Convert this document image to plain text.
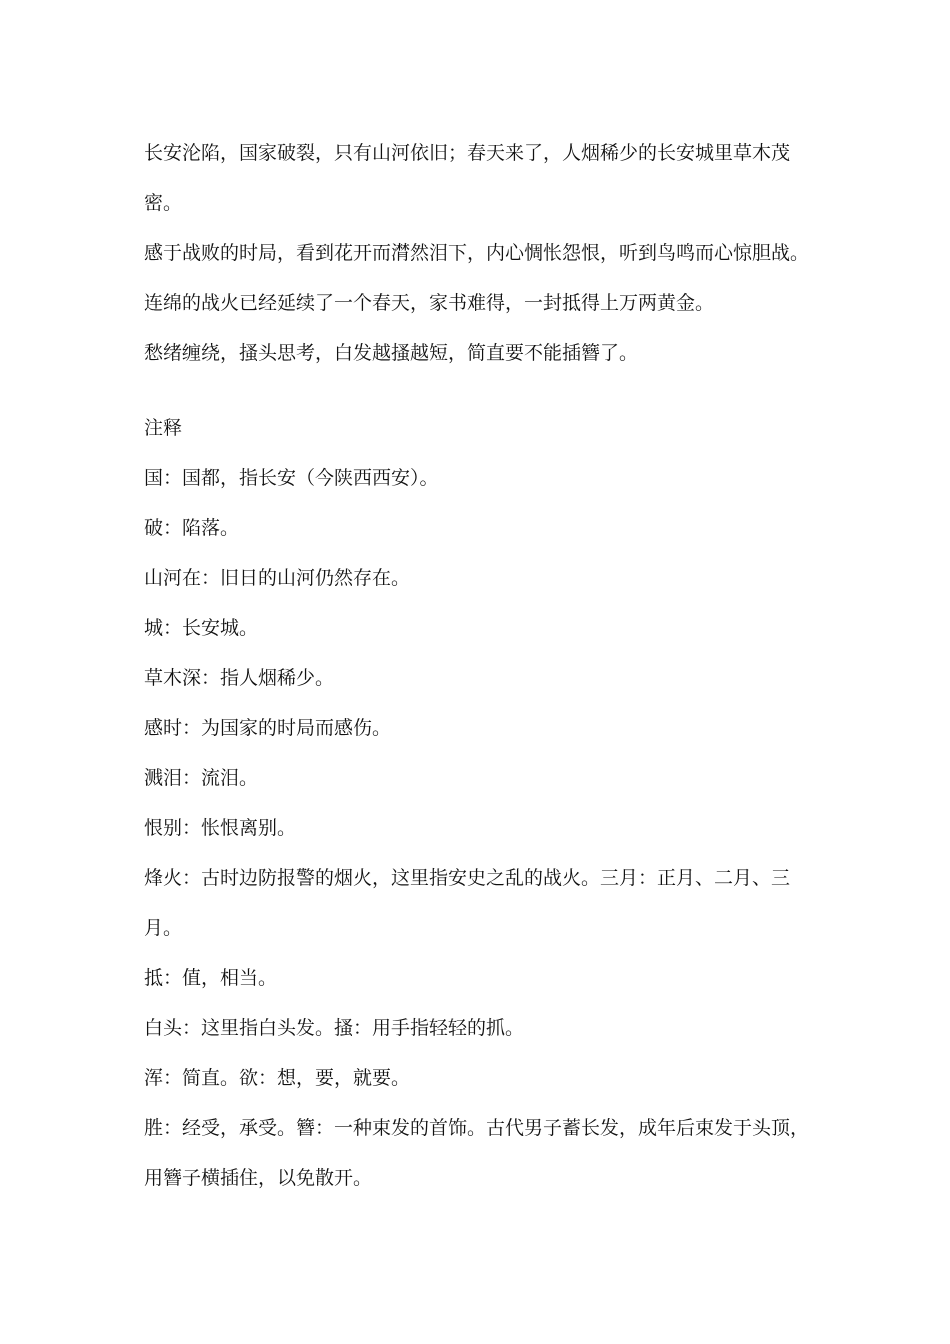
长安沦陷，国家破裂，只有山河依旧；春天来了，人烟稀少的长安城里草木茂

密。

感于战败的时局，看到花开而潸然泪下，内心惆怅怨恨，听到鸟鸣而心惊胆战。

连绵的战火已经延续了一个春天，家书难得，一封抵得上万两黄金。

愁绪缠绕，搔头思考，白发越搔越短，简直要不能插簪了。

注释

国：国都，指长安（今陕西西安）。

破：陷落。

山河在：旧日的山河仍然存在。

城：长安城。

草木深：指人烟稀少。

感时：为国家的时局而感伤。

溅泪：流泪。

恨别：怅恨离别。

烽火：古时边防报警的烟火，这里指安史之乱的战火。三月：正月、二月、三

月。

抵：值，相当。

白头：这里指白头发。搔：用手指轻轻的抓。

浑：简直。欲：想，要，就要。

胜：经受，承受。簪：一种束发的首饰。古代男子蓄长发，成年后束发于头顶，

用簪子横插住，以免散开。
